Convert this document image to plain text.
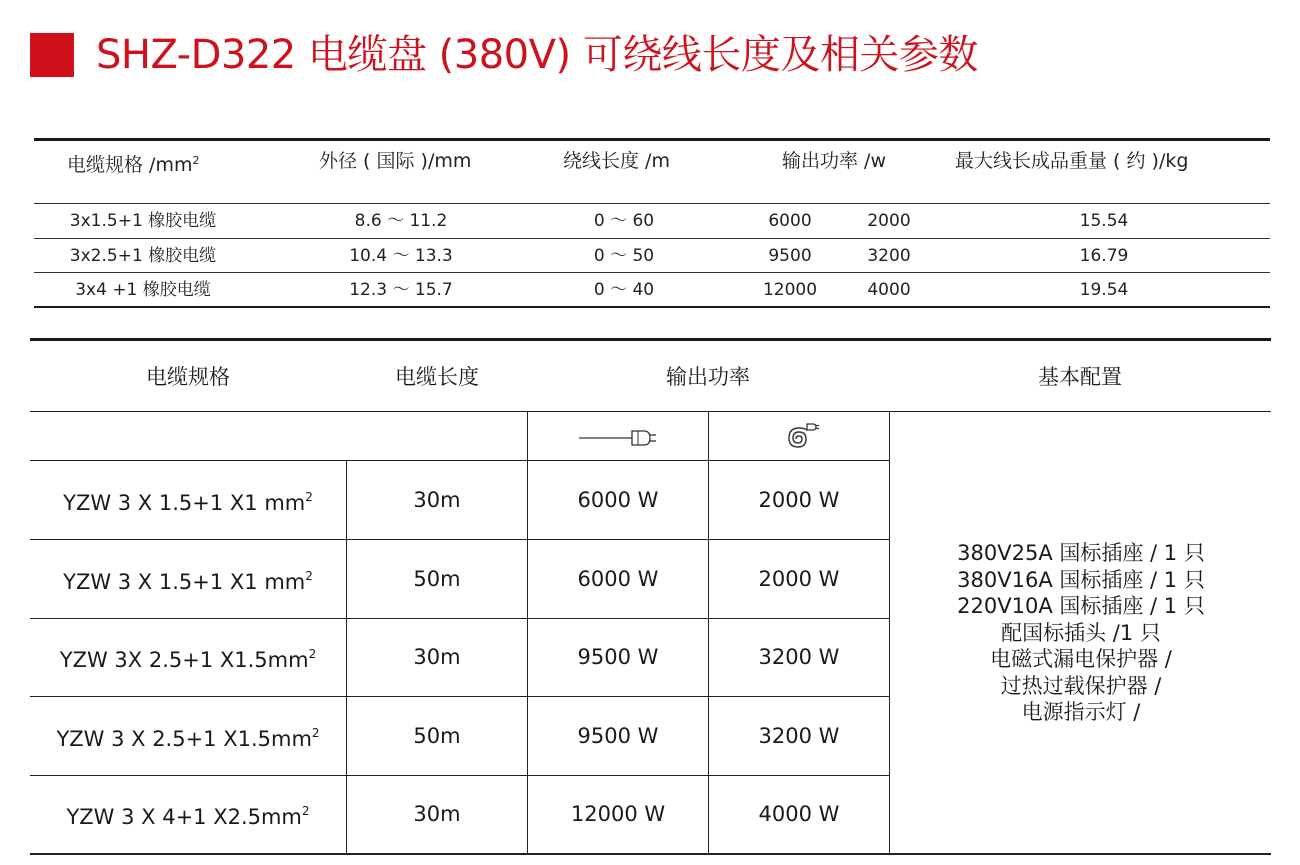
SHZ-D322 电缆盘 (380V) 可绕线长度及相关参数
电缆规格 $/mm^2$	外径 ( 国际 )/mm	绕线长度 /m	输出功率 /w	最大线长成品重量 ( 约 )/kg
3x1.5+1 橡胶电缆	8.6 ～ 11.2	0 ～ 60	6000	2000	15.54
3x2.5+1 橡胶电缆	10.4 ～ 13.3	0 ～ 50	9500	3200	16.79
3x4 +1 橡胶电缆	12.3 ～ 15.7	0 ～ 40	12000	4000	19.54
电缆规格	电缆长度	输出功率	基本配置
YZW 3 X 1.5+1 X1 $mm^2$	30m	6000 W	2000 W
YZW 3 X 1.5+1 X1 $mm^2$	50m	6000 W	2000 W
YZW 3X 2.5+1 $X1.5mm^2$	30m	9500 W	3200 W
YZW 3 X 2.5+1 $X1.5mm^2$	50m	9500 W	3200 W
YZW 3 X 4+1 $X2.5mm^2$	30m	12000 W	4000 W
380V25A 国标插座 / 1 只
380V16A 国标插座 / 1 只
220V10A 国标插座 / 1 只
配国标插头 /1 只
电磁式漏电保护器 /
过热过载保护器 /
电源指示灯 /
